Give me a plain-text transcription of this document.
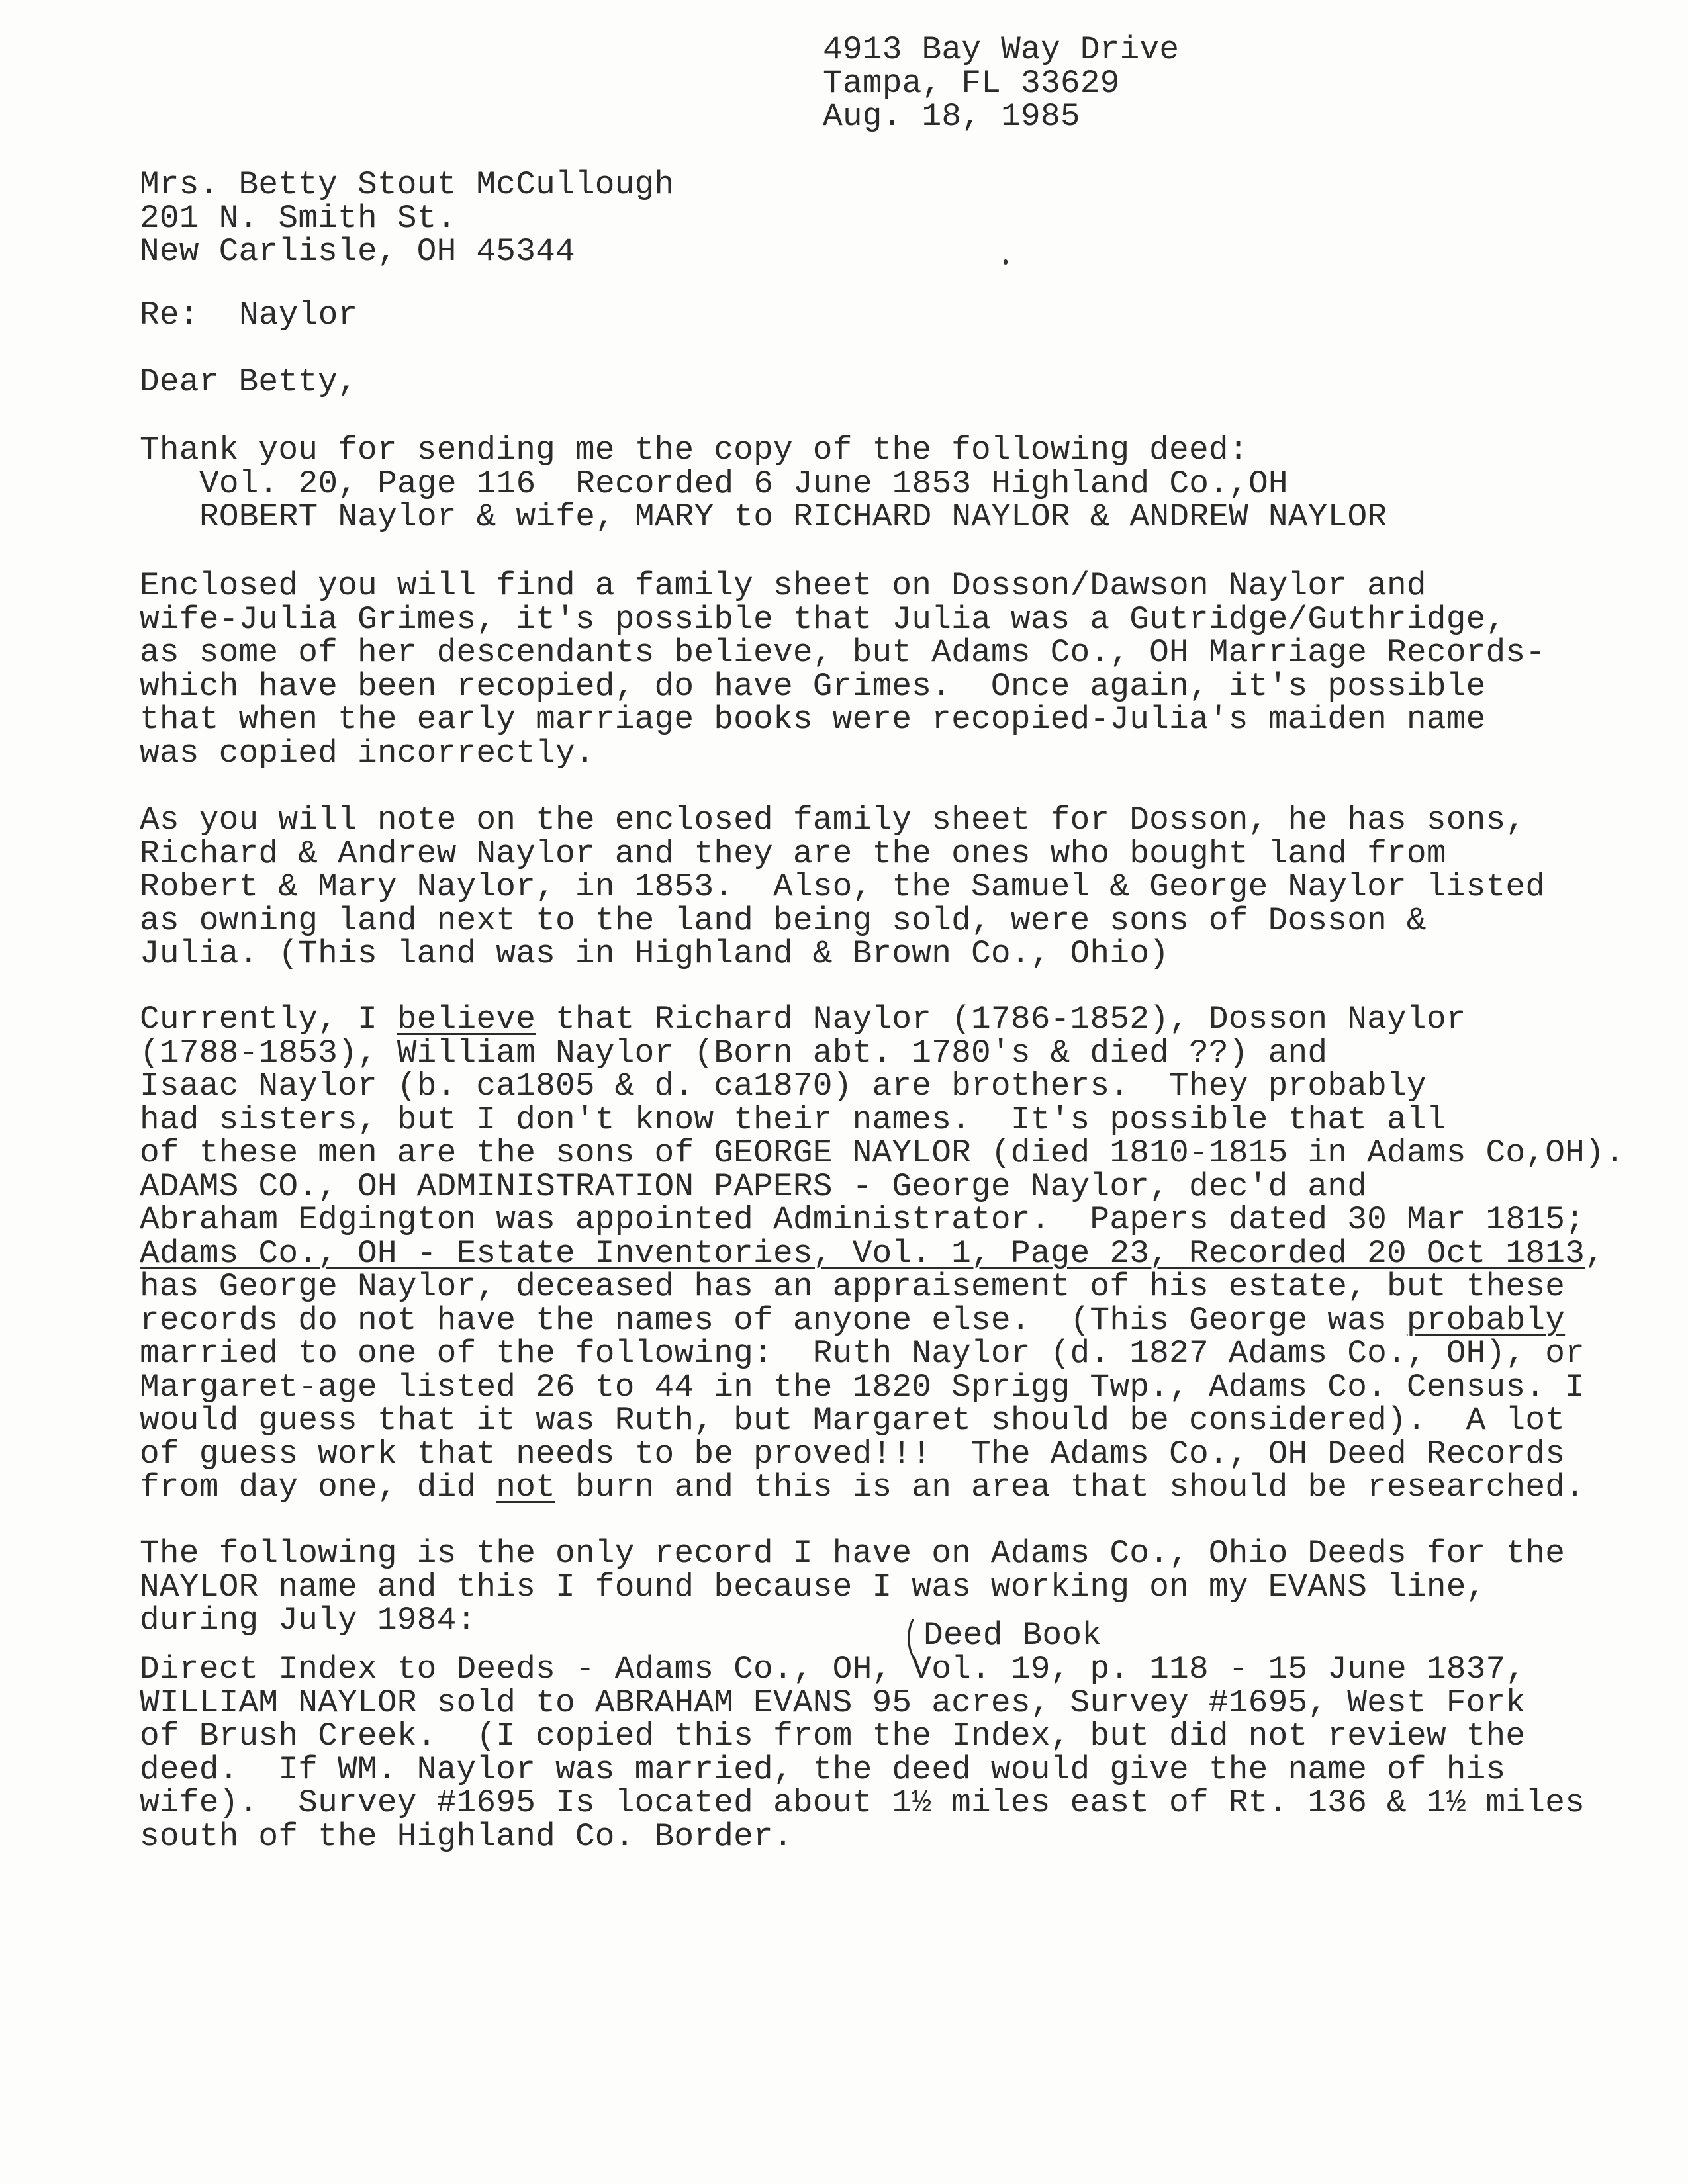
4913 Bay Way Drive
Tampa, FL 33629
Aug. 18, 1985
Mrs. Betty Stout McCullough
201 N. Smith St.
New Carlisle, OH 45344
Re: Naylor
Dear Betty,
Thank you for sending me the copy of the following deed:
Vol. 20, Page 116  Recorded 6 June 1853 Highland Co.,OH
ROBERT Naylor & wife, MARY to RICHARD NAYLOR & ANDREW NAYLOR
Enclosed you will find a family sheet on Dosson/Dawson Naylor and
wife-Julia Grimes, it's possible that Julia was a Gutridge/Guthridge,
as some of her descendants believe, but Adams Co., OH Marriage Records-
which have been recopied, do have Grimes.  Once again, it's possible
that when the early marriage books were recopied-Julia's maiden name
was copied incorrectly.
As you will note on the enclosed family sheet for Dosson, he has sons,
Richard & Andrew Naylor and they are the ones who bought land from
Robert & Mary Naylor, in 1853.  Also, the Samuel & George Naylor listed
as owning land next to the land being sold, were sons of Dosson &
Julia. (This land was in Highland & Brown Co., Ohio)
Currently, I believe that Richard Naylor (1786-1852), Dosson Naylor
(1788-1853), William Naylor (Born abt. 1780's & died ??) and
Isaac Naylor (b. ca1805 & d. ca1870) are brothers.  They probably
had sisters, but I don't know their names.  It's possible that all
of these men are the sons of GEORGE NAYLOR (died 1810-1815 in Adams Co,OH).
ADAMS CO., OH ADMINISTRATION PAPERS - George Naylor, dec'd and
Abraham Edgington was appointed Administrator.  Papers dated 30 Mar 1815;
Adams Co., OH - Estate Inventories, Vol. 1, Page 23, Recorded 20 Oct 1813,
has George Naylor, deceased has an appraisement of his estate, but these
records do not have the names of anyone else.  (This George was probably
married to one of the following:  Ruth Naylor (d. 1827 Adams Co., OH), or
Margaret-age listed 26 to 44 in the 1820 Sprigg Twp., Adams Co. Census. I
would guess that it was Ruth, but Margaret should be considered).  A lot
of guess work that needs to be proved!!!  The Adams Co., OH Deed Records
from day one, did not burn and this is an area that should be researched.
The following is the only record I have on Adams Co., Ohio Deeds for the
NAYLOR name and this I found because I was working on my EVANS line,
during July 1984:
Direct Index to Deeds - Adams Co., OH, Vol. 19, p. 118 - 15 June 1837,
WILLIAM NAYLOR sold to ABRAHAM EVANS 95 acres, Survey #1695, West Fork
of Brush Creek.  (I copied this from the Index, but did not review the
deed.  If WM. Naylor was married, the deed would give the name of his
wife).  Survey #1695 Is located about 1½ miles east of Rt. 136 & 1½ miles
south of the Highland Co. Border.
Deed Book
(
